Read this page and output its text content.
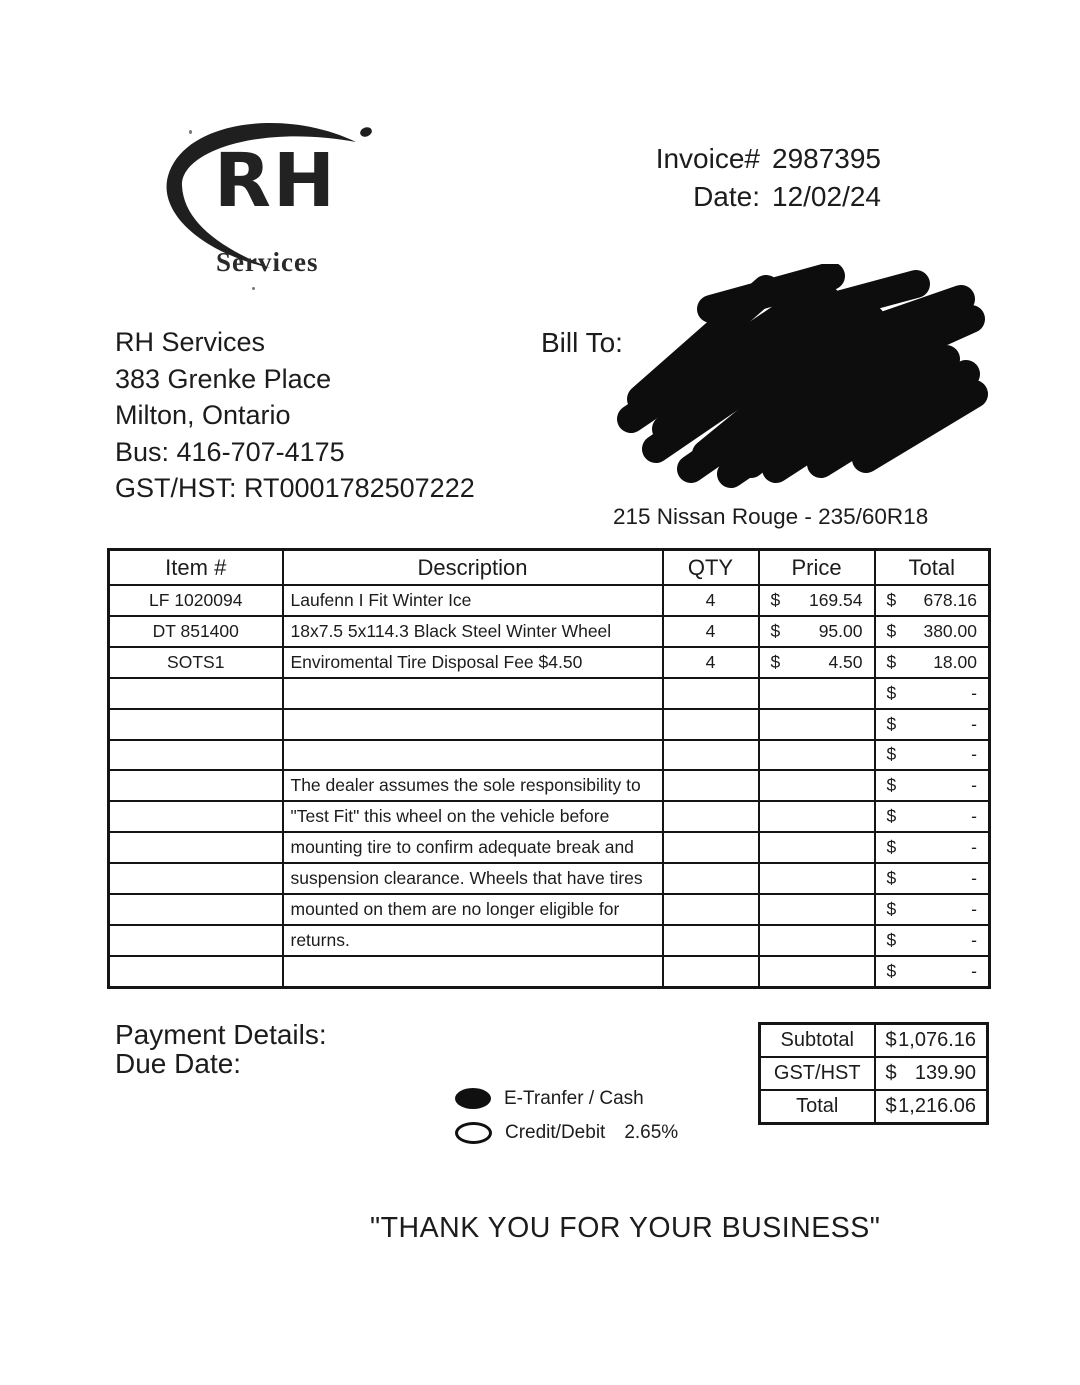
RH
Services
Invoice# 2987395
Date: 12/02/24
RH Services
383 Grenke Place
Milton, Ontario
Bus: 416-707-4175
GST/HST: RT0001782507222
Bill To:
215 Nissan Rouge - 235/60R18
Item #	Description	QTY	Price	Total
LF 1020094	Laufenn I Fit Winter Ice	4	$ 169.54	$ 678.16

DT 851400	18x7.5 5x114.3 Black Steel Winter Wheel	4	$ 95.00	$ 380.00

SOTS1	Enviromental Tire Disposal Fee $4.50	4	$ 4.50	$ 18.00

				$ -

				$ -

				$ -

	The dealer assumes the sole responsibility to			$ -

	"Test Fit" this wheel on the vehicle before			$ -

	mounting tire to confirm adequate break and			$ -

	suspension clearance. Wheels that have tires			$ -

	mounted on them are no longer eligible for			$ -

	returns.			$ -

				$ -
Payment Details:
Due Date:
E-Tranfer / Cash
Credit/Debit 2.65%
Subtotal	$ 1,076.16

GST/HST	$ 139.90

Total	$ 1,216.06
"THANK YOU FOR YOUR BUSINESS"
